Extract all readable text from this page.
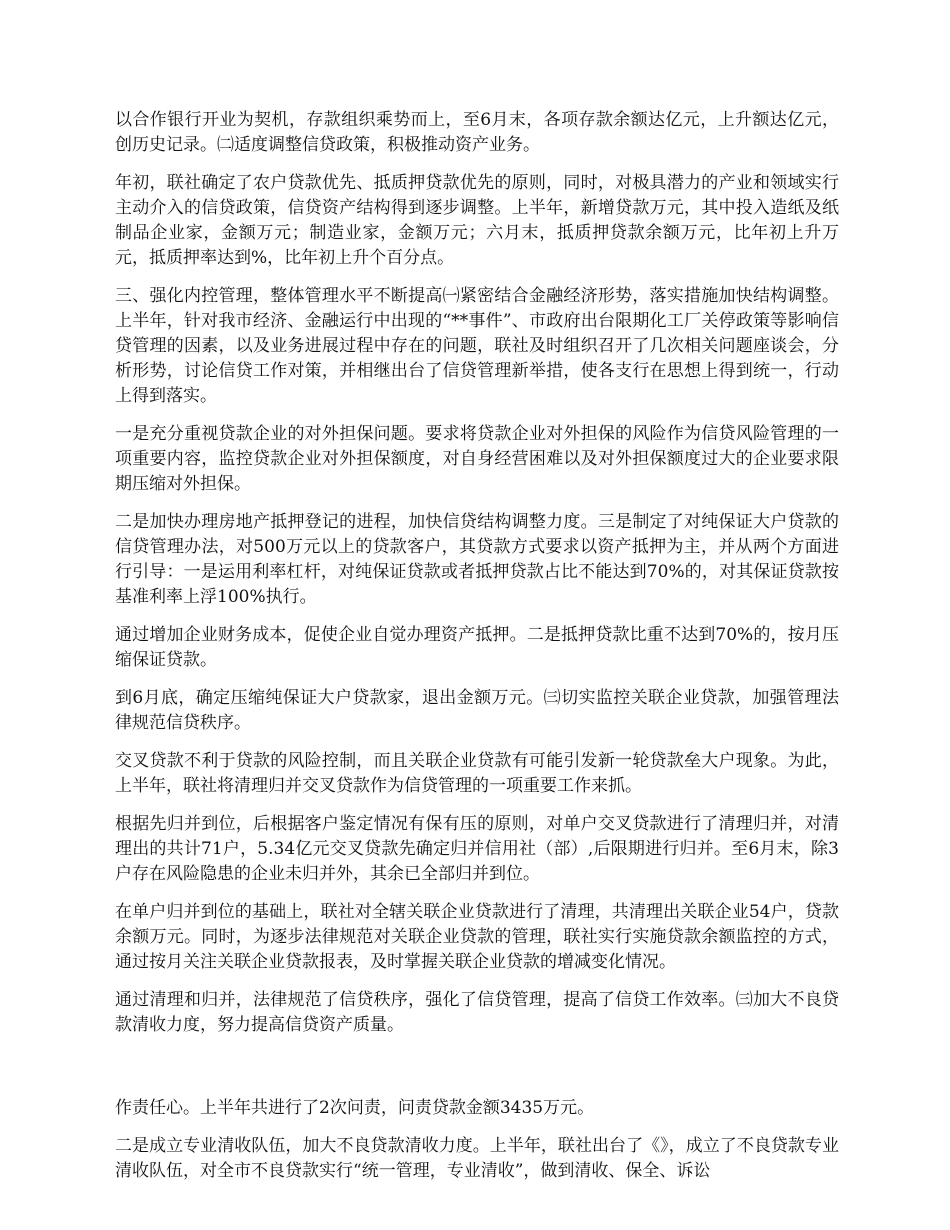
以合作银行开业为契机，存款组织乘势而上，至6月末，各项存款余额达亿元，上升额达亿元，创历史记录。㈡适度调整信贷政策，积极推动资产业务。

年初，联社确定了农户贷款优先、抵质押贷款优先的原则，同时，对极具潜力的产业和领域实行主动介入的信贷政策，信贷资产结构得到逐步调整。上半年，新增贷款万元，其中投入造纸及纸制品企业家，金额万元；制造业家，金额万元；六月末，抵质押贷款余额万元，比年初上升万元，抵质押率达到%，比年初上升个百分点。

三、强化内控管理，整体管理水平不断提高㈠紧密结合金融经济形势，落实措施加快结构调整。上半年，针对我市经济、金融运行中出现的“**事件”、市政府出台限期化工厂关停政策等影响信贷管理的因素，以及业务进展过程中存在的问题，联社及时组织召开了几次相关问题座谈会，分析形势，讨论信贷工作对策，并相继出台了信贷管理新举措，使各支行在思想上得到统一，行动上得到落实。

一是充分重视贷款企业的对外担保问题。要求将贷款企业对外担保的风险作为信贷风险管理的一项重要内容，监控贷款企业对外担保额度，对自身经营困难以及对外担保额度过大的企业要求限期压缩对外担保。

二是加快办理房地产抵押登记的进程，加快信贷结构调整力度。三是制定了对纯保证大户贷款的信贷管理办法，对500万元以上的贷款客户，其贷款方式要求以资产抵押为主，并从两个方面进行引导：一是运用利率杠杆，对纯保证贷款或者抵押贷款占比不能达到70%的，对其保证贷款按基准利率上浮100%执行。

通过增加企业财务成本，促使企业自觉办理资产抵押。二是抵押贷款比重不达到70%的，按月压缩保证贷款。

到6月底，确定压缩纯保证大户贷款家，退出金额万元。㈢切实监控关联企业贷款，加强管理法律规范信贷秩序。

交叉贷款不利于贷款的风险控制，而且关联企业贷款有可能引发新一轮贷款垒大户现象。为此，上半年，联社将清理归并交叉贷款作为信贷管理的一项重要工作来抓。

根据先归并到位，后根据客户鉴定情况有保有压的原则，对单户交叉贷款进行了清理归并，对清理出的共计71户，5.34亿元交叉贷款先确定归并信用社（部）,后限期进行归并。至6月末，除3户存在风险隐患的企业未归并外，其余已全部归并到位。

在单户归并到位的基础上，联社对全辖关联企业贷款进行了清理，共清理出关联企业54户，贷款余额万元。同时，为逐步法律规范对关联企业贷款的管理，联社实行实施贷款余额监控的方式，通过按月关注关联企业贷款报表，及时掌握关联企业贷款的增减变化情况。

通过清理和归并，法律规范了信贷秩序，强化了信贷管理，提高了信贷工作效率。㈢加大不良贷款清收力度，努力提高信贷资产质量。

作责任心。上半年共进行了2次问责，问责贷款金额3435万元。

二是成立专业清收队伍，加大不良贷款清收力度。上半年，联社出台了《》，成立了不良贷款专业清收队伍，对全市不良贷款实行“统一管理，专业清收”，做到清收、保全、诉讼
